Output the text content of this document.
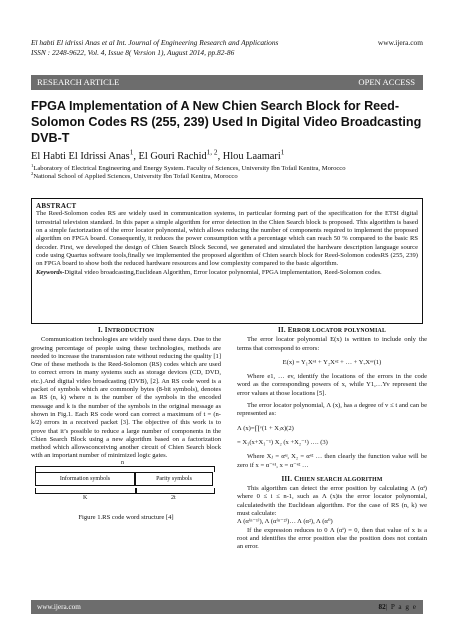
El habti El idrissi Anas et al Int. Journal of Engineering Research and Applications
ISSN : 2248-9622, Vol. 4, Issue 8( Version 1), August 2014, pp.82-86
www.ijera.com
RESEARCH ARTICLE	OPEN ACCESS
FPGA Implementation of A New Chien Search Block for Reed-Solomon Codes RS (255, 239) Used In Digital Video Broadcasting DVB-T
El Habti El Idrissi Anas$^1$, El Gouri Rachid$^{1, 2}$, Hlou Laamari$^1$
$^1$Laboratory of Electrical Engineering and Energy System. Faculty of Sciences, University Ibn Tofail Kenitra, Morocco
$^2$National School of Applied Sciences, University Ibn Tofail Kenitra, Morocco
ABSTRACT

The Reed-Solomon codes RS are widely used in communication systems, in particular forming part of the specification for the ETSI digital terrestrial television standard. In this paper a simple algorithm for error detection in the Chien Search block is proposed. This algorithm is based on a simple factorization of the error locator polynomial, which allows reducing the number of components required to implement the proposed algorithm on FPGA board. Consequently, it reduces the power consumption with a percentage which can reach 50 % compared to the basic RS decoder. First, we developed the design of Chien Search Block Second, we generated and simulated the hardware description language source code using Quartus software tools,finally we implemented the proposed algorithm of Chien search block for Reed-Solomon codesRS (255, 239) on FPGA board to show both the reduced hardware resources and low complexity compared to the basic algorithm.

Keywords-Digital video broadcasting,Euclidean Algorithm, Error locator polynomial, FPGA implementation, Reed-Solomon codes.

I. INTRODUCTION

Communication technologies are widely used these days. Due to the growing percentage of people using these technologies, methods are needed to increase the transmission rate without reducing the quality [1] One of these methods is the Reed-Solomon (RS) codes which are used to correct errors in many systems such as storage devices (CD, DVD, etc.).And digital video broadcasting (DVB), [2]. An RS code word is a packet of symbols which are commonly bytes (8-bit symbols), denotes as RS (n, k) where n is the number of the symbols in the encoded message and k is the number of the symbols in the original message as shown in Fig.1. Each RS code word can correct a maximum of t = (n-k/2) errors in a received packet [3]. The objective of this work is to prove that it’s possible to reduce a large number of components in the Chien Search Block using a new algorithm based on a factorization method which allowsconceiving another circuit of Chien Search block with an important number of minimized logic gates.

n
Information symbols	Parity symbols
K	2t
Figure 1.RS code word structure [4]
II. ERROR LOCATOR POLYNOMIAL

The error locator polynomial E(x) is written to include only the terms that correspond to errors:

E(x) = Y₁Xᵉ¹ + Y₂Xᵉ² + … + YᵥXᵉᵛ(1)

Where e1, … ev, identify the locations of the errors in the code word as the corresponding powers of x, while Y1,…Yv represent the error values at those locations [5].

The error locator polynomial, Λ (x), has a degree of v ≤ t and can be represented as:

Λ (x)=∏ᵛ(1 + Xⱼx)(2)

= X₁(x+X₁⁻¹) X₂ (x +X₂⁻¹) …. (3)

Where Xⱼ = αᵉʲ, X₂ = αᵉ² … then clearly the function value will be zero if x = α⁻ᵉ¹, x = α⁻ᵉ² …

III. CHIEN SEARCH ALGORITHM

This algorithm can detect the error position by calculating Λ (αⁱ) where 0 ≤ i ≤ n-1, such as Λ (x)is the error locator polynomial, calculatedwith the Euclidean algorithm. For the case of RS (n, k) we must calculate:

Λ (α⁽ⁿ⁻¹⁾), Λ (α⁽ⁿ⁻²⁾)… Λ (α²), Λ (α⁰)

If the expression reduces to 0 Λ (αⁱ) = 0, then that value of x is a root and identifies the error position else the position does not contain an error.

www.ijera.com	82| P a g e
